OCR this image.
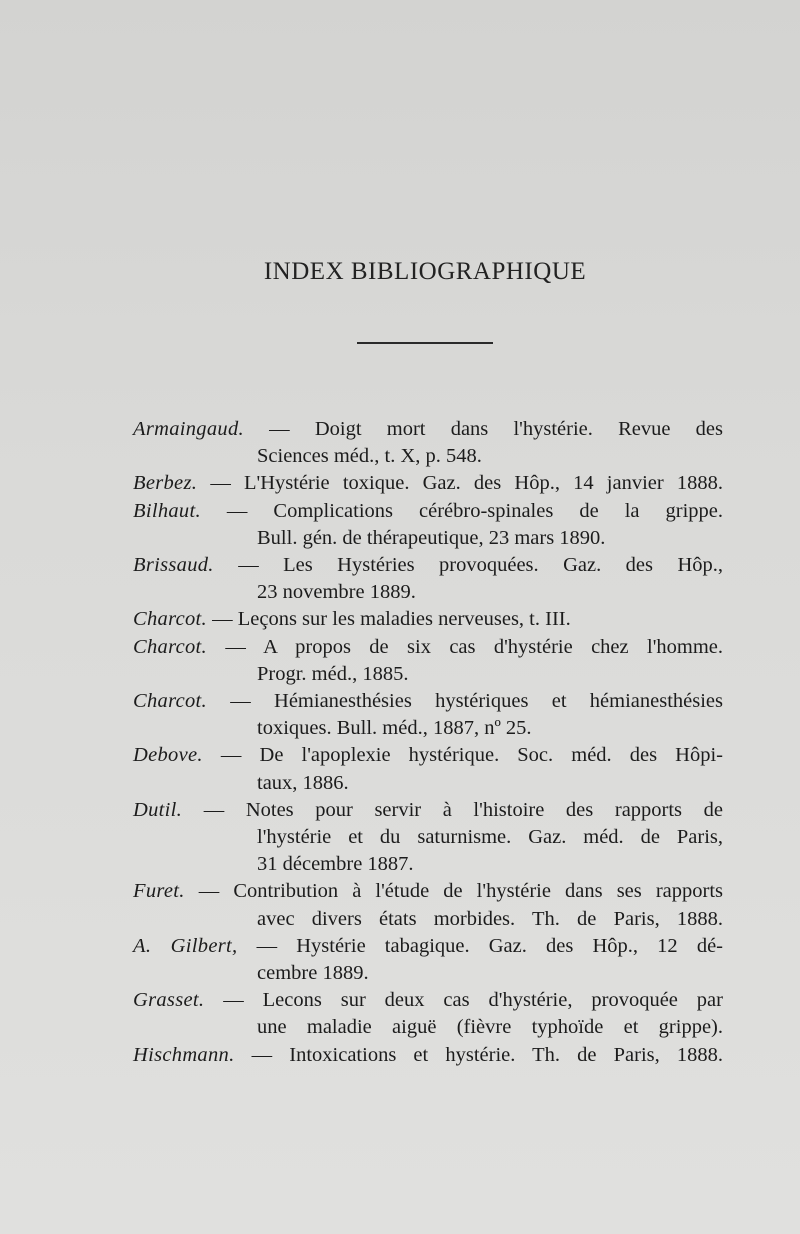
INDEX BIBLIOGRAPHIQUE
Armaingaud. — Doigt mort dans l'hystérie. Revue des
Sciences méd., t. X, p. 548.
Berbez. — L'Hystérie toxique. Gaz. des Hôp., 14 janvier 1888.
Bilhaut. — Complications cérébro-spinales de la grippe.
Bull. gén. de thérapeutique, 23 mars 1890.
Brissaud. — Les Hystéries provoquées. Gaz. des Hôp.,
23 novembre 1889.
Charcot. — Leçons sur les maladies nerveuses, t. III.
Charcot. — A propos de six cas d'hystérie chez l'homme.
Progr. méd., 1885.
Charcot. — Hémianesthésies hystériques et hémianesthésies
toxiques. Bull. méd., 1887, nº 25.
Debove. — De l'apoplexie hystérique. Soc. méd. des Hôpi-
taux, 1886.
Dutil. — Notes pour servir à l'histoire des rapports de
l'hystérie et du saturnisme. Gaz. méd. de Paris,
31 décembre 1887.
Furet. — Contribution à l'étude de l'hystérie dans ses rapports
avec divers états morbides. Th. de Paris, 1888.
A. Gilbert, — Hystérie tabagique. Gaz. des Hôp., 12 dé-
cembre 1889.
Grasset. — Lecons sur deux cas d'hystérie, provoquée par
une maladie aiguë (fièvre typhoïde et grippe).
Hischmann. — Intoxications et hystérie. Th. de Paris, 1888.
